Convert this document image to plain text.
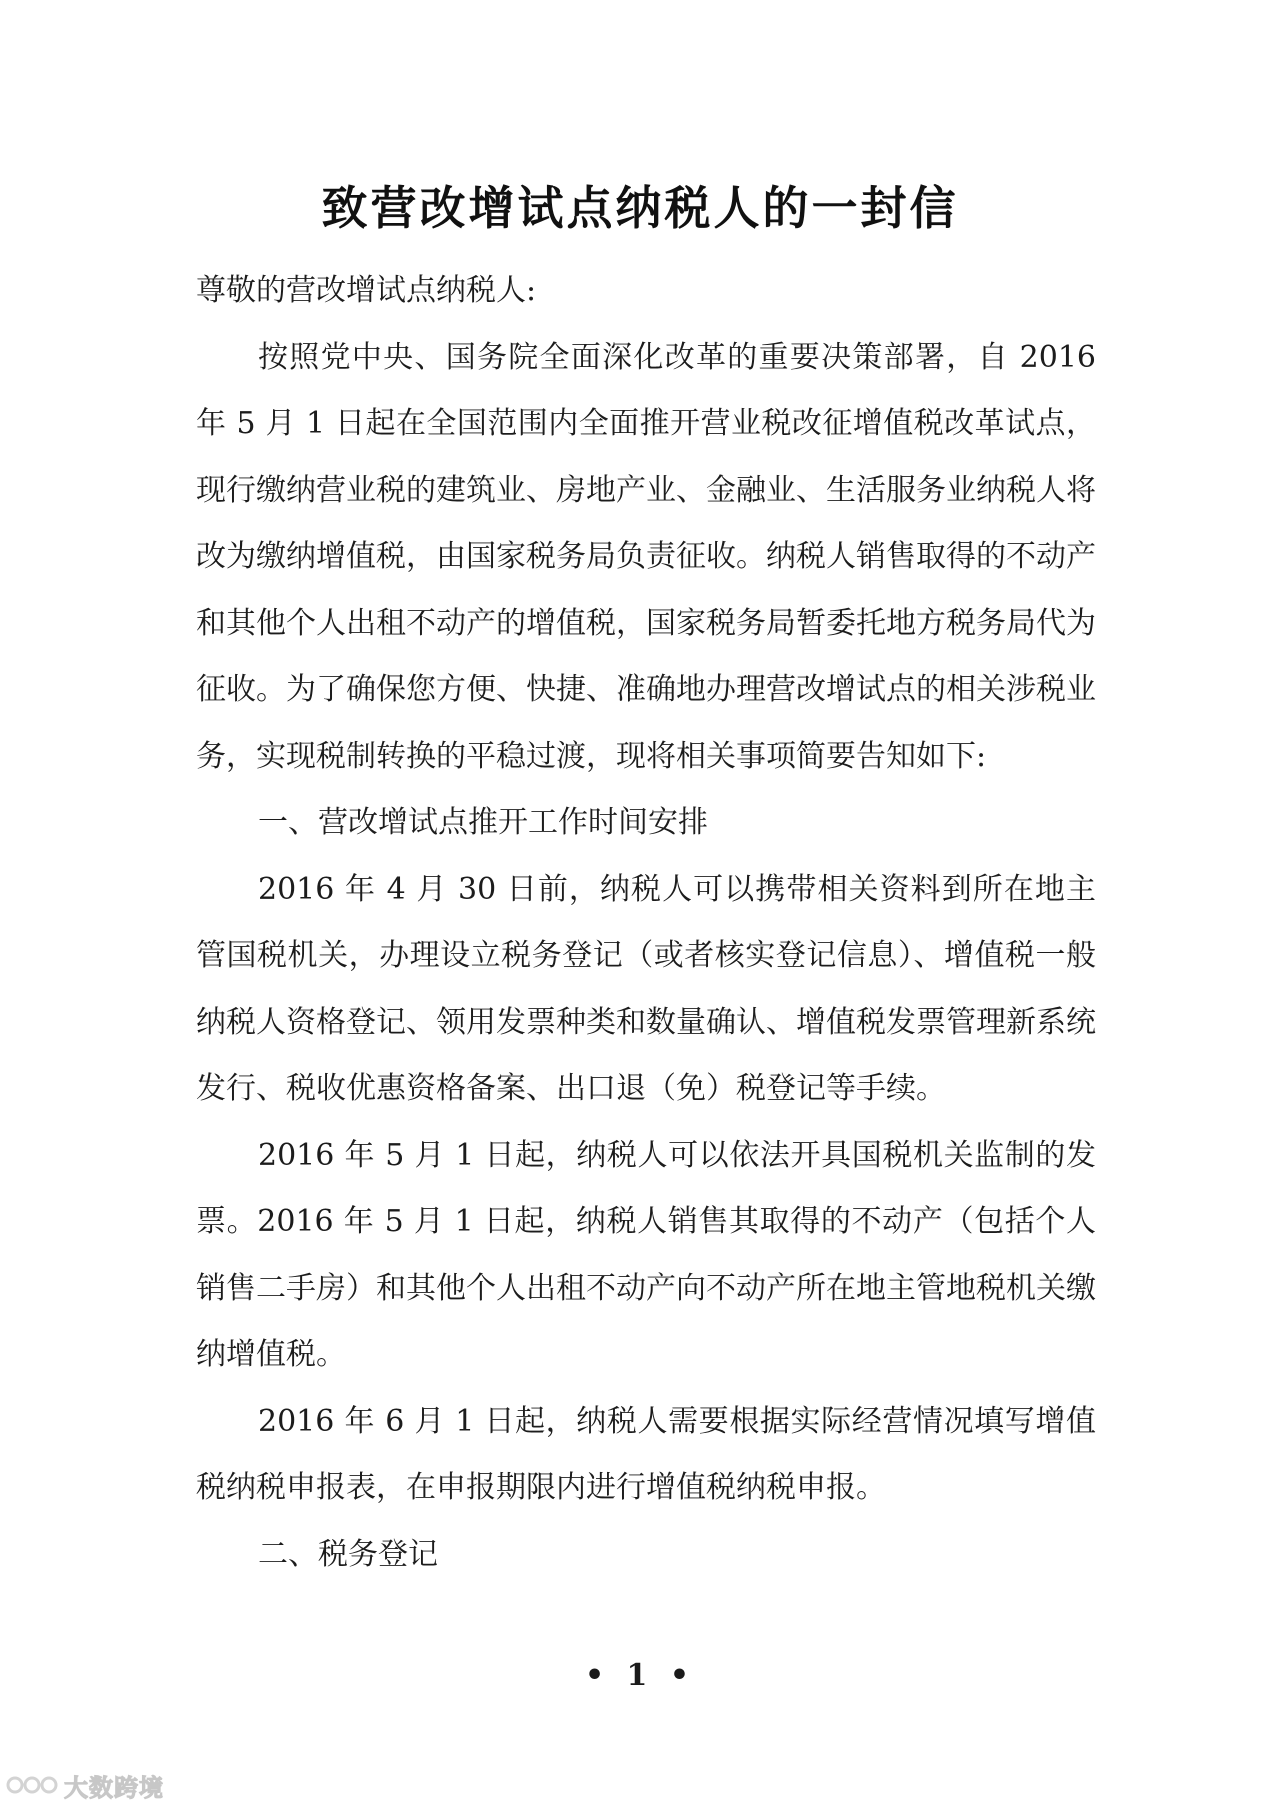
致营改增试点纳税人的一封信

尊敬的营改增试点纳税人:

按照党中央、国务院全面深化改革的重要决策部署，自 2016 年 5 月 1 日起在全国范围内全面推开营业税改征增值税改革试点，现行缴纳营业税的建筑业、房地产业、金融业、生活服务业纳税人将改为缴纳增值税，由国家税务局负责征收。纳税人销售取得的不动产和其他个人出租不动产的增值税，国家税务局暂委托地方税务局代为征收。为了确保您方便、快捷、准确地办理营改增试点的相关涉税业务，实现税制转换的平稳过渡，现将相关事项简要告知如下:

一、营改增试点推开工作时间安排

2016 年 4 月 30 日前，纳税人可以携带相关资料到所在地主管国税机关，办理设立税务登记（或者核实登记信息）、增值税一般纳税人资格登记、领用发票种类和数量确认、增值税发票管理新系统发行、税收优惠资格备案、出口退（免）税登记等手续。

2016 年 5 月 1 日起，纳税人可以依法开具国税机关监制的发票。2016 年 5 月 1 日起，纳税人销售其取得的不动产（包括个人销售二手房）和其他个人出租不动产向不动产所在地主管地税机关缴纳增值税。

2016 年 6 月 1 日起，纳税人需要根据实际经营情况填写增值税纳税申报表，在申报期限内进行增值税纳税申报。

二、税务登记

• 1 •
大数跨境
